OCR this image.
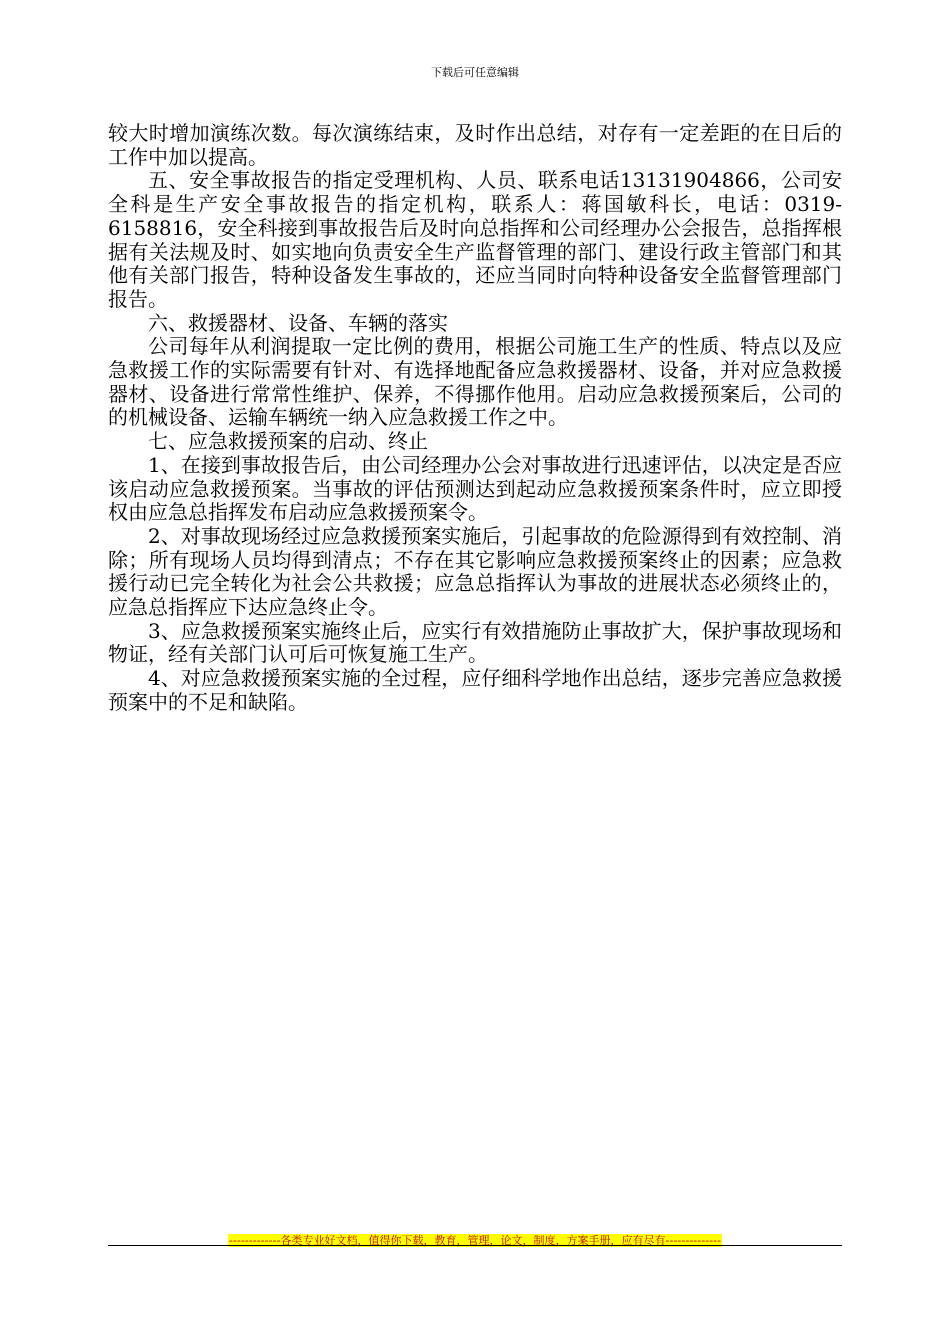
下载后可任意编辑

较大时增加演练次数。每次演练结束，及时作出总结，对存有一定差距的在日后的工作中加以提高。

五、安全事故报告的指定受理机构、人员、联系电话13131904866，公司安全科是生产安全事故报告的指定机构，联系人：蒋国敏科长，电话：0319-6158816，安全科接到事故报告后及时向总指挥和公司经理办公会报告，总指挥根据有关法规及时、如实地向负责安全生产监督管理的部门、建设行政主管部门和其他有关部门报告，特种设备发生事故的，还应当同时向特种设备安全监督管理部门报告。

六、救援器材、设备、车辆的落实

公司每年从利润提取一定比例的费用，根据公司施工生产的性质、特点以及应急救援工作的实际需要有针对、有选择地配备应急救援器材、设备，并对应急救援器材、设备进行常常性维护、保养，不得挪作他用。启动应急救援预案后，公司的的机械设备、运输车辆统一纳入应急救援工作之中。

七、应急救援预案的启动、终止

1、在接到事故报告后，由公司经理办公会对事故进行迅速评估，以决定是否应该启动应急救援预案。当事故的评估预测达到起动应急救援预案条件时，应立即授权由应急总指挥发布启动应急救援预案令。

2、对事故现场经过应急救援预案实施后，引起事故的危险源得到有效控制、消除；所有现场人员均得到清点；不存在其它影响应急救援预案终止的因素；应急救援行动已完全转化为社会公共救援；应急总指挥认为事故的进展状态必须终止的，应急总指挥应下达应急终止令。

3、应急救援预案实施终止后，应实行有效措施防止事故扩大，保护事故现场和物证，经有关部门认可后可恢复施工生产。

4、对应急救援预案实施的全过程，应仔细科学地作出总结，逐步完善应急救援预案中的不足和缺陷。

-------------各类专业好文档，值得你下载，教育，管理，论文，制度，方案手册，应有尽有--------------
